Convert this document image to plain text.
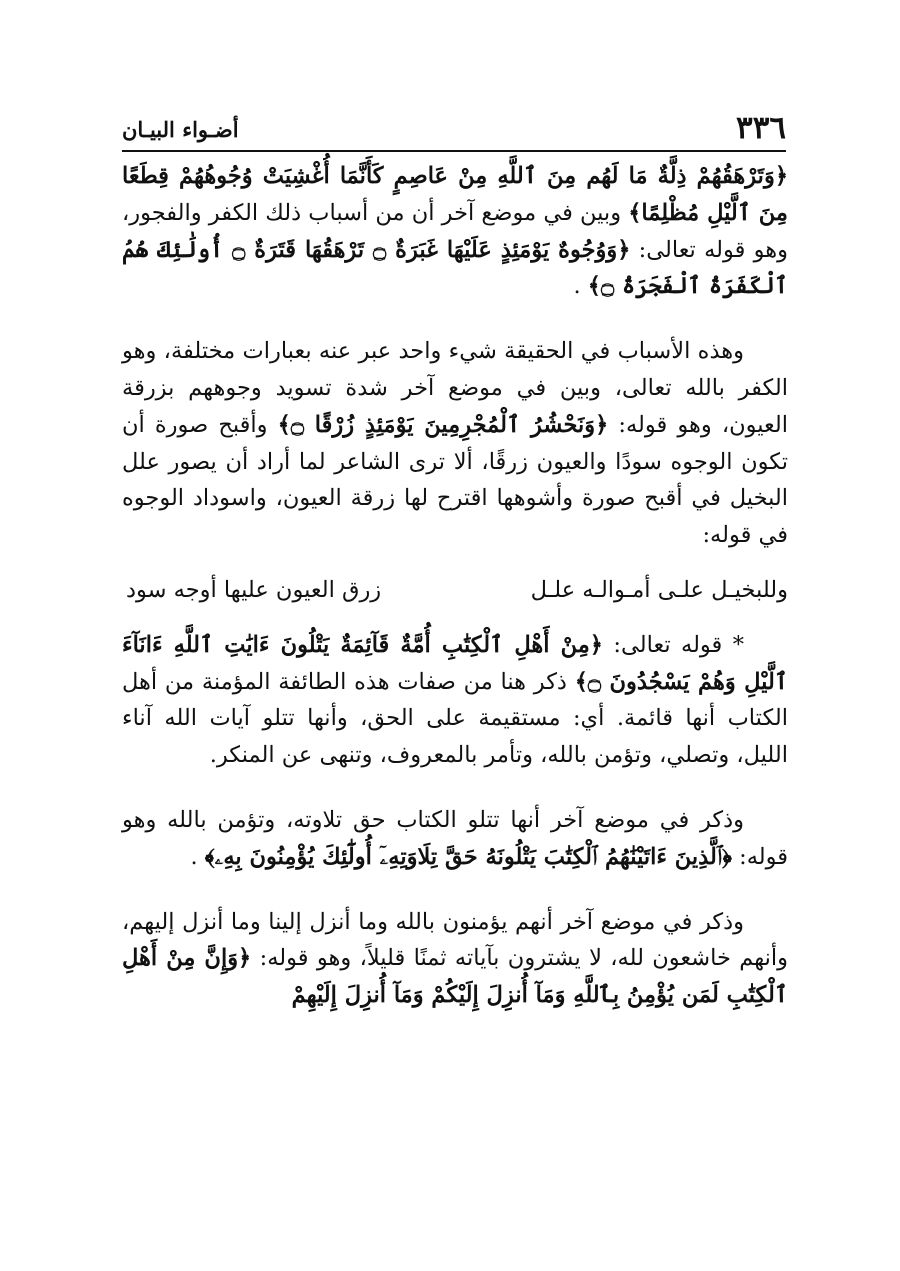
٣٣٦
أضـواء البيـان

﴿وَتَرْهَقُهُمْ ذِلَّةٌ مَا لَهُم مِنَ ٱللَّهِ مِنْ عَاصِمٍ كَأَنَّمَا أُغْشِيَتْ وُجُوهُهُمْ قِطَعًا مِنَ ٱلَّيْلِ مُظْلِمًا﴾ وبين في موضع آخر أن من أسباب ذلك الكفر والفجور، وهو قوله تعالى: ﴿وَوُجُوهٌ يَوْمَئِذٍ عَلَيْهَا غَبَرَةٌ ۝ تَرْهَقُهَا قَتَرَةٌ ۝ أُولَٰئِكَ هُمُ ٱلْكَفَرَةُ ٱلْفَجَرَةُ ۝﴾ .

وهذه الأسباب في الحقيقة شيء واحد عبر عنه بعبارات مختلفة، وهو الكفر بالله تعالى، وبين في موضع آخر شدة تسويد وجوههم بزرقة العيون، وهو قوله: ﴿وَنَحْشُرُ ٱلْمُجْرِمِينَ يَوْمَئِذٍ زُرْقًا ۝﴾ وأقبح صورة أن تكون الوجوه سودًا والعيون زرقًا، ألا ترى الشاعر لما أراد أن يصور علل البخيل في أقبح صورة وأشوهها اقترح لها زرقة العيون، واسوداد الوجوه في قوله:

وللبخيـل علـى أمـوالـه علـل
زرق العيون عليها أوجه سود

* قوله تعالى: ﴿مِنْ أَهْلِ ٱلْكِتَٰبِ أُمَّةٌ قَآئِمَةٌ يَتْلُونَ ءَايَٰتِ ٱللَّهِ ءَانَآءَ ٱلَّيْلِ وَهُمْ يَسْجُدُونَ ۝﴾ ذكر هنا من صفات هذه الطائفة المؤمنة من أهل الكتاب أنها قائمة. أي: مستقيمة على الحق، وأنها تتلو آيات الله آناء الليل، وتصلي، وتؤمن بالله، وتأمر بالمعروف، وتنهى عن المنكر.

وذكر في موضع آخر أنها تتلو الكتاب حق تلاوته، وتؤمن بالله وهو قوله: ﴿ٱلَّذِينَ ءَاتَيْنَٰهُمُ ٱلْكِتَٰبَ يَتْلُونَهُ حَقَّ تِلَاوَتِهِۦٓ أُولَٰٓئِكَ يُؤْمِنُونَ بِهِۦ﴾ .

وذكر في موضع آخر أنهم يؤمنون بالله وما أنزل إلينا وما أنزل إليهم، وأنهم خاشعون لله، لا يشترون بآياته ثمنًا قليلاً، وهو قوله: ﴿وَإِنَّ مِنْ أَهْلِ ٱلْكِتَٰبِ لَمَن يُؤْمِنُ بِٱللَّهِ وَمَآ أُنزِلَ إِلَيْكُمْ وَمَآ أُنزِلَ إِلَيْهِمْ
